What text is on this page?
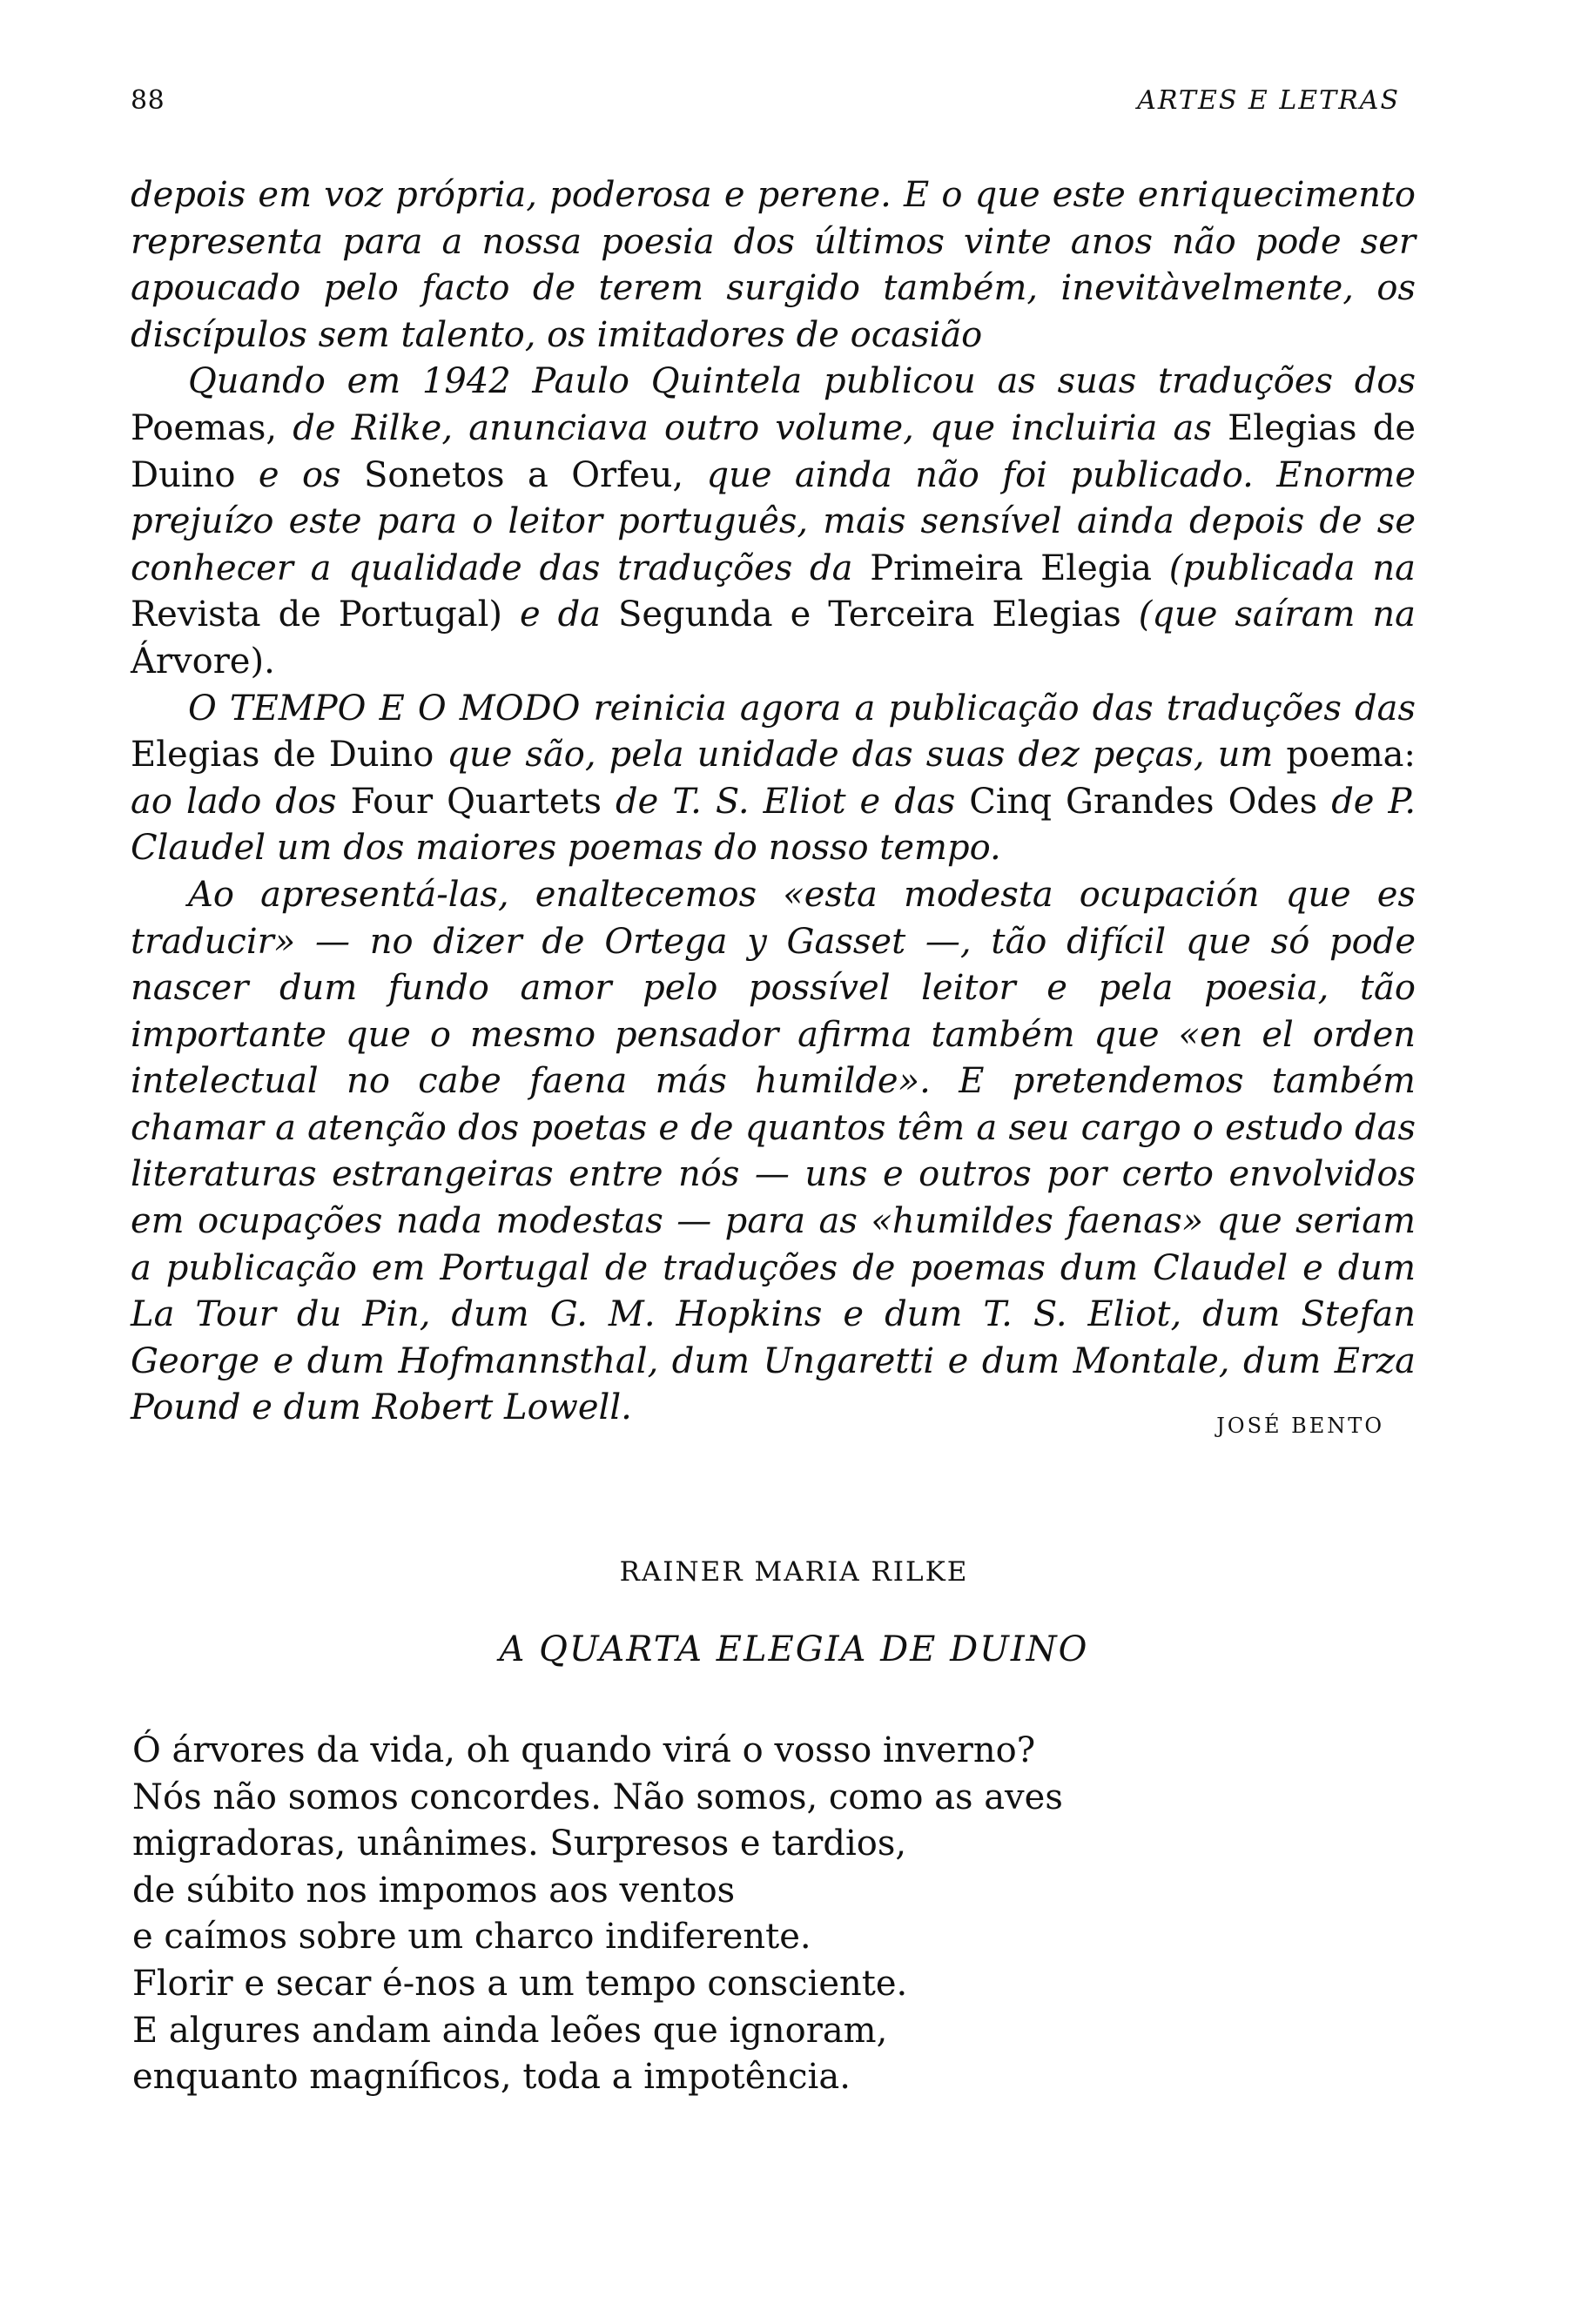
88	ARTES E LETRAS

depois em voz própria, poderosa e perene. E o que este enriquecimento representa para a nossa poesia dos últimos vinte anos não pode ser apoucado pelo facto de terem surgido também, inevitàvelmente, os discípulos sem talento, os imitadores de ocasião

Quando em 1942 Paulo Quintela publicou as suas traduções dos Poemas, de Rilke, anunciava outro volume, que incluiria as Elegias de Duino e os Sonetos a Orfeu, que ainda não foi publicado. Enorme prejuízo este para o leitor português, mais sensível ainda depois de se conhecer a qualidade das traduções da Primeira Elegia (publicada na Revista de Portugal) e da Segunda e Terceira Elegias (que saíram na Árvore).

O TEMPO E O MODO reinicia agora a publicação das traduções das Elegias de Duino que são, pela unidade das suas dez peças, um poema: ao lado dos Four Quartets de T. S. Eliot e das Cinq Grandes Odes de P. Claudel um dos maiores poemas do nosso tempo.

Ao apresentá-las, enaltecemos «esta modesta ocupación que es traducir» — no dizer de Ortega y Gasset —, tão difícil que só pode nascer dum fundo amor pelo possível leitor e pela poesia, tão importante que o mesmo pensador afirma também que «en el orden intelectual no cabe faena más humilde». E pretendemos também chamar a atenção dos poetas e de quantos têm a seu cargo o estudo das literaturas estrangeiras entre nós — uns e outros por certo envolvidos em ocupações nada modestas — para as «humildes faenas» que seriam a publicação em Portugal de traduções de poemas dum Claudel e dum La Tour du Pin, dum G. M. Hopkins e dum T. S. Eliot, dum Stefan George e dum Hofmannsthal, dum Ungaretti e dum Montale, dum Erza Pound e dum Robert Lowell.	JOSÉ BENTO
RAINER MARIA RILKE
A QUARTA ELEGIA DE DUINO
Ó árvores da vida, oh quando virá o vosso inverno?
Nós não somos concordes. Não somos, como as aves
migradoras, unânimes. Surpresos e tardios,
de súbito nos impomos aos ventos
e caímos sobre um charco indiferente.
Florir e secar é-nos a um tempo consciente.
E algures andam ainda leões que ignoram,
enquanto magníficos, toda a impotência.
